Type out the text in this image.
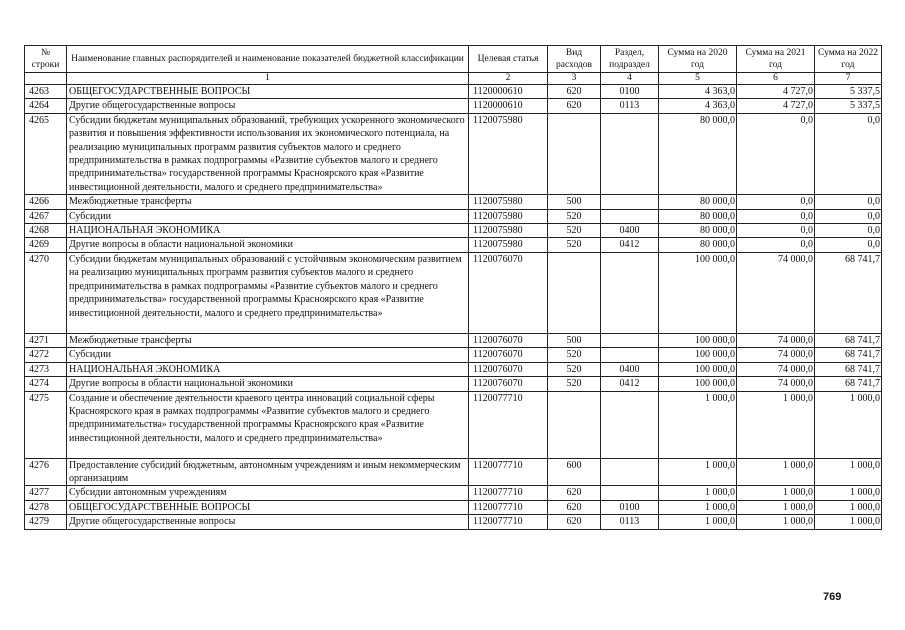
№ строки	Наименование главных распорядителей и наименование показателей бюджетной классификации	Целевая статья	Вид расходов	Раздел, подраздел	Сумма на 2020 год	Сумма на 2021 год	Сумма на 2022 год
	1	2	3	4	5	6	7
4263	ОБЩЕГОСУДАРСТВЕННЫЕ ВОПРОСЫ	1120000610	620	0100	4 363,0	4 727,0	5 337,5
4264	Другие общегосударственные вопросы	1120000610	620	0113	4 363,0	4 727,0	5 337,5
4265	Субсидии бюджетам муниципальных образований, требующих ускоренного экономического развития и повышения эффективности использования их экономического потенциала, на реализацию муниципальных программ развития субъектов малого и среднего предпринимательства в рамках подпрограммы «Развитие субъектов малого и среднего предпринимательства» государственной программы Красноярского края «Развитие инвестиционной деятельности, малого и среднего предпринимательства»	1120075980			80 000,0	0,0	0,0
4266	Межбюджетные трансферты	1120075980	500		80 000,0	0,0	0,0
4267	Субсидии	1120075980	520		80 000,0	0,0	0,0
4268	НАЦИОНАЛЬНАЯ ЭКОНОМИКА	1120075980	520	0400	80 000,0	0,0	0,0
4269	Другие вопросы в области национальной экономики	1120075980	520	0412	80 000,0	0,0	0,0
4270	Субсидии бюджетам муниципальных образований с устойчивым экономическим развитием на реализацию муниципальных программ развития субъектов малого и среднего предпринимательства в рамках подпрограммы «Развитие субъектов малого и среднего предпринимательства» государственной программы Красноярского края «Развитие инвестиционной деятельности, малого и среднего предпринимательства»	1120076070			100 000,0	74 000,0	68 741,7
4271	Межбюджетные трансферты	1120076070	500		100 000,0	74 000,0	68 741,7
4272	Субсидии	1120076070	520		100 000,0	74 000,0	68 741,7
4273	НАЦИОНАЛЬНАЯ ЭКОНОМИКА	1120076070	520	0400	100 000,0	74 000,0	68 741,7
4274	Другие вопросы в области национальной экономики	1120076070	520	0412	100 000,0	74 000,0	68 741,7
4275	Создание и обеспечение деятельности краевого центра инноваций социальной сферы Красноярского края в рамках подпрограммы «Развитие субъектов малого и среднего предпринимательства» государственной программы Красноярского края «Развитие инвестиционной деятельности, малого и среднего предпринимательства»	1120077710			1 000,0	1 000,0	1 000,0
4276	Предоставление субсидий бюджетным, автономным учреждениям и иным некоммерческим организациям	1120077710	600		1 000,0	1 000,0	1 000,0
4277	Субсидии автономным учреждениям	1120077710	620		1 000,0	1 000,0	1 000,0
4278	ОБЩЕГОСУДАРСТВЕННЫЕ ВОПРОСЫ	1120077710	620	0100	1 000,0	1 000,0	1 000,0
4279	Другие общегосударственные вопросы	1120077710	620	0113	1 000,0	1 000,0	1 000,0
769
